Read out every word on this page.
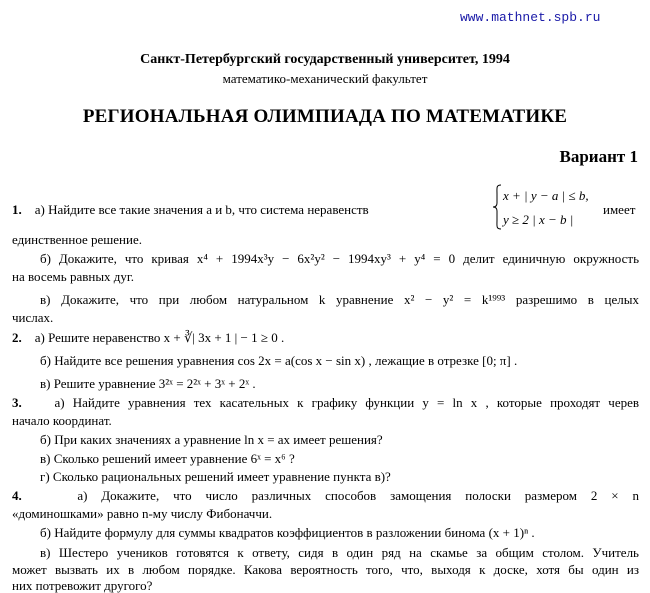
www.mathnet.spb.ru
Санкт-Петербургский государственный университет, 1994
математико-механический факультет
РЕГИОНАЛЬНАЯ ОЛИМПИАДА ПО МАТЕМАТИКЕ
Вариант 1
1. а) Найдите все такие значения a и b, что система неравенств
x + | y − a | ≤ b,
y ≥ 2 | x − b |
имеет
единственное решение.
б) Докажите, что кривая x⁴ + 1994x³y − 6x²y² − 1994xy³ + y⁴ = 0 делит единичную окружность
на восемь равных дуг.
в) Докажите, что при любом натуральном k уравнение x² − y² = k¹⁹⁹³ разрешимо в целых
числах.
2. а) Решите неравенство x + ∛| 3x + 1 | − 1 ≥ 0 .
б) Найдите все решения уравнения cos 2x = a(cos x − sin x) , лежащие в отрезке [0; π] .
в) Решите уравнение 3²ˣ = 2²ˣ + 3ˣ + 2ˣ .
3.	а) Найдите уравнения тех касательных к графику функции y = ln x , которые проходят черев
начало координат.
б) При каких значениях a уравнение ln x = ax имеет решения?
в) Сколько решений имеет уравнение 6ˣ = x⁶ ?
г) Сколько рациональных решений имеет уравнение пункта в)?
4.	а) Докажите, что число различных способов замощения полоски размером 2 × n
«доминошками» равно n-му числу Фибоначчи.
б) Найдите формулу для суммы квадратов коэффициентов в разложении бинома (x + 1)ⁿ .
в) Шестеро учеников готовятся к ответу, сидя в один ряд на скамье за общим столом. Учитель
может вызвать их в любом порядке. Какова вероятность того, что, выходя к доске, хотя бы один из
них потревожит другого?
